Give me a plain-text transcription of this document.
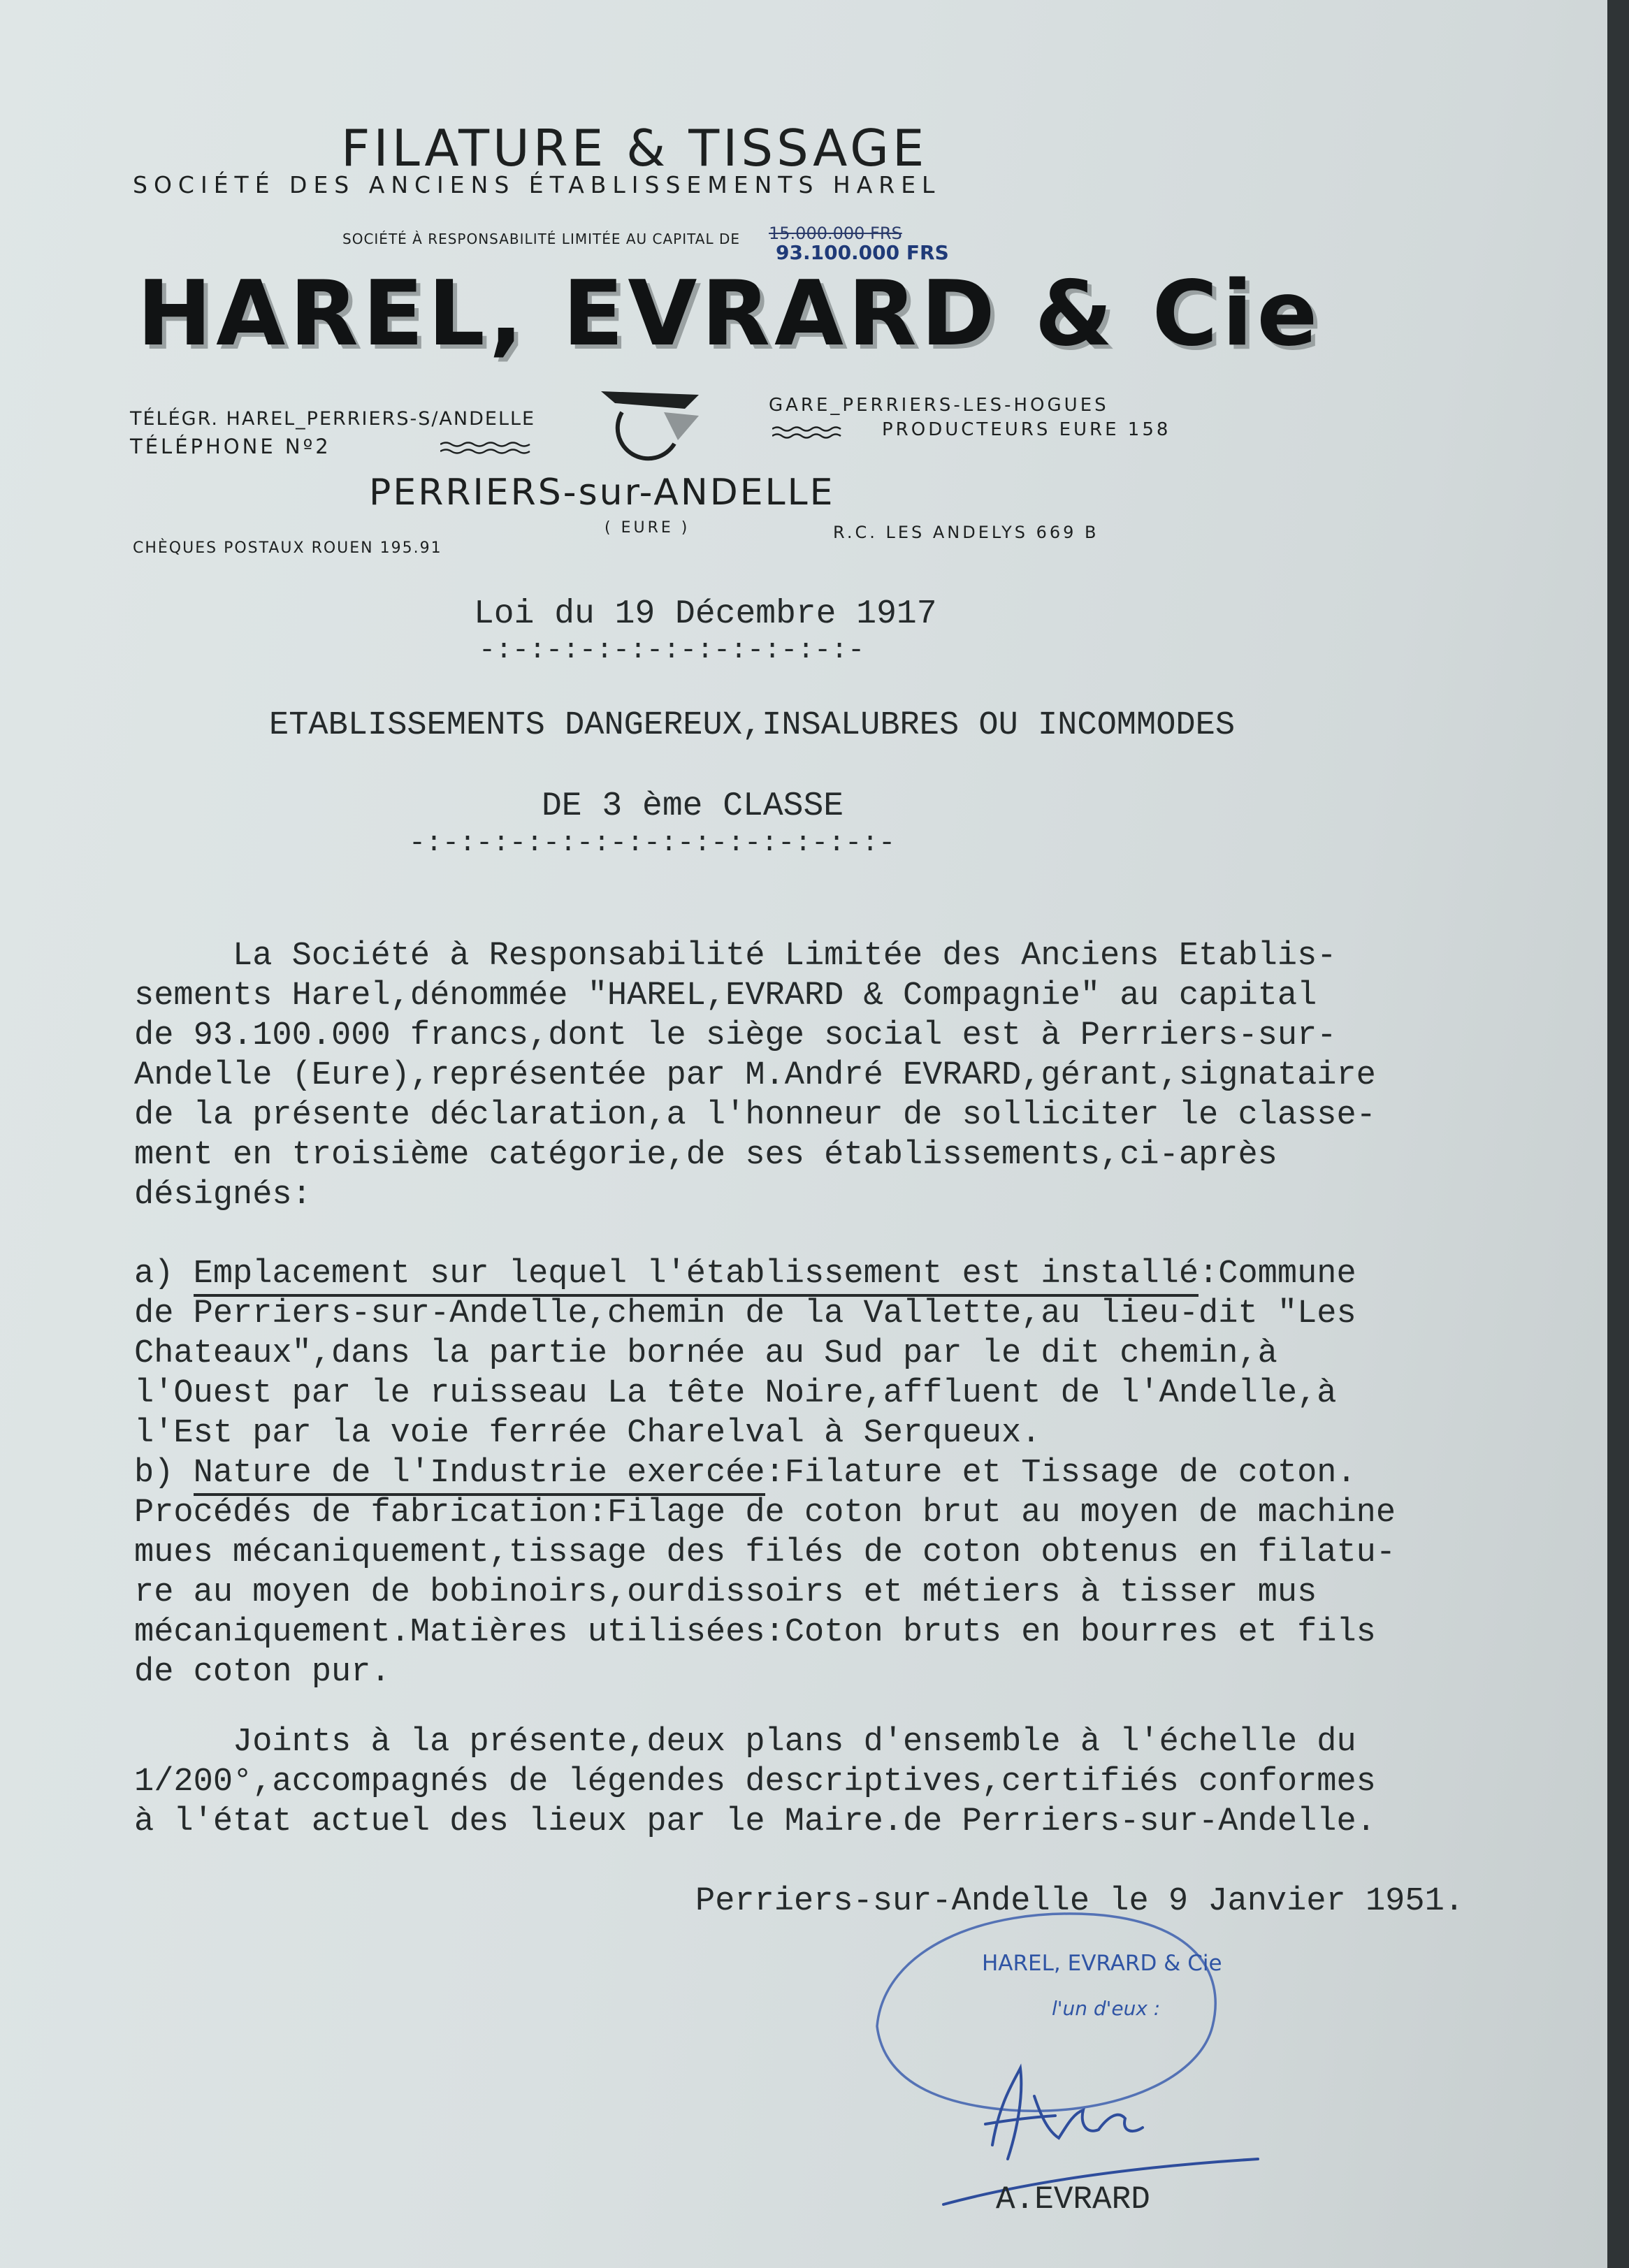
FILATURE & TISSAGE
SOCIÉTÉ DES ANCIENS ÉTABLISSEMENTS HAREL
SOCIÉTÉ À RESPONSABILITÉ LIMITÉE AU CAPITAL DE 15.000.000 FRS
93.100.000 FRS
HAREL, EVRARD & Cie
TÉLÉGR. HAREL_PERRIERS-S/ANDELLE
TÉLÉPHONE Nº2
GARE_PERRIERS-LES-HOGUES
PRODUCTEURS EURE 158
PERRIERS-sur-ANDELLE
( EURE )
CHÈQUES POSTAUX ROUEN 195.91
R.C. LES ANDELYS 669 B
Loi du 19 Décembre 1917
-:-:-:-:-:-:-:-:-:-:-:-
ETABLISSEMENTS DANGEREUX,INSALUBRES OU INCOMMODES
DE 3 ème CLASSE
-:-:-:-:-:-:-:-:-:-:-:-:-:-:-
La Société à Responsabilité Limitée des Anciens Etablis-
sements Harel,dénommée "HAREL,EVRARD & Compagnie" au capital
de 93.100.000 francs,dont le siège social est à Perriers-sur-
Andelle (Eure),représentée par M.André EVRARD,gérant,signataire
de la présente déclaration,a l'honneur de solliciter le classe-
ment en troisième catégorie,de ses établissements,ci-après
désignés:
a) Emplacement sur lequel l'établissement est installé:Commune
de Perriers-sur-Andelle,chemin de la Vallette,au lieu-dit "Les
Chateaux",dans la partie bornée au Sud par le dit chemin,à
l'Ouest par le ruisseau La tête Noire,affluent de l'Andelle,à
l'Est par la voie ferrée Charelval à Serqueux.
b) Nature de l'Industrie exercée:Filature et Tissage de coton.
Procédés de fabrication:Filage de coton brut au moyen de machine
mues mécaniquement,tissage des filés de coton obtenus en filatu-
re au moyen de bobinoirs,ourdissoirs et métiers à tisser mus
mécaniquement.Matières utilisées:Coton bruts en bourres et fils
de coton pur.
Joints à la présente,deux plans d'ensemble à l'échelle du
1/200°,accompagnés de légendes descriptives,certifiés conformes
à l'état actuel des lieux par le Maire.de Perriers-sur-Andelle.
Perriers-sur-Andelle le 9 Janvier 1951.
HAREL, EVRARD & Cie
l'un d'eux :
A.EVRARD
